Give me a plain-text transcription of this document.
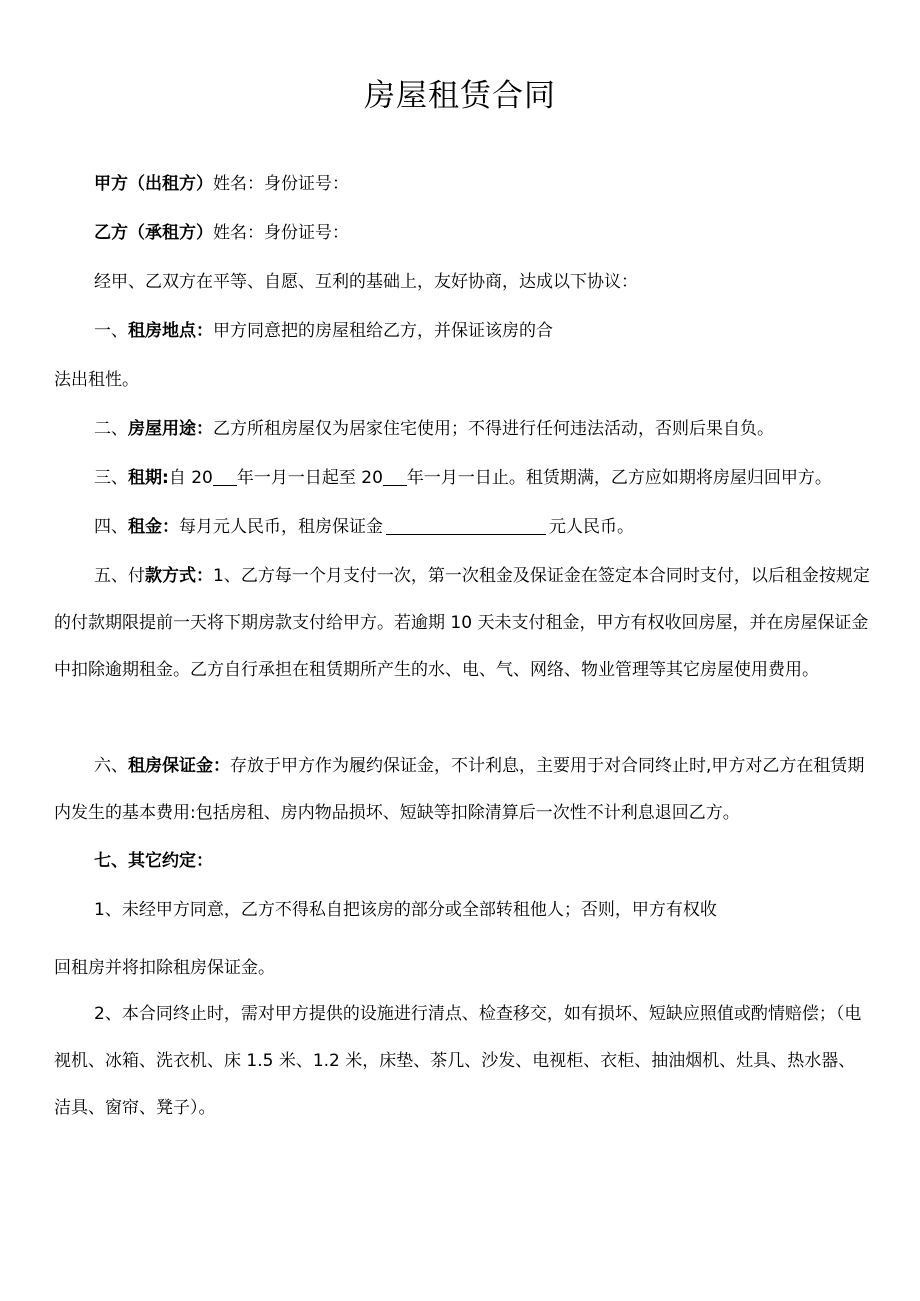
房屋租赁合同

甲方（出租方）姓名：身份证号：

乙方（承租方）姓名：身份证号：

经甲、乙双方在平等、自愿、互利的基础上，友好协商，达成以下协议：

一、租房地点：甲方同意把的房屋租给乙方，并保证该房的合

法出租性。

二、房屋用途：乙方所租房屋仅为居家住宅使用；不得进行任何违法活动，否则后果自负。

三、租期:自 20 年一月一日起至 20 年一月一日止。租赁期满，乙方应如期将房屋归回甲方。

四、租金：每月元人民币，租房保证金	元人民币。

五、付款方式：1、乙方每一个月支付一次，第一次租金及保证金在签定本合同时支付，以后租金按规定的付款期限提前一天将下期房款支付给甲方。若逾期 10 天未支付租金，甲方有权收回房屋，并在房屋保证金中扣除逾期租金。乙方自行承担在租赁期所产生的水、电、气、网络、物业管理等其它房屋使用费用。

六、租房保证金：存放于甲方作为履约保证金，不计利息，主要用于对合同终止时,甲方对乙方在租赁期内发生的基本费用:包括房租、房内物品损坏、短缺等扣除清算后一次性不计利息退回乙方。

七、其它约定：

1、未经甲方同意，乙方不得私自把该房的部分或全部转租他人；否则，甲方有权收

回租房并将扣除租房保证金。

2、本合同终止时，需对甲方提供的设施进行清点、检查移交，如有损坏、短缺应照值或酌情赔偿；（电视机、冰箱、洗衣机、床 1.5 米、1.2 米，床垫、茶几、沙发、电视柜、衣柜、抽油烟机、灶具、热水器、洁具、窗帘、凳子）。
